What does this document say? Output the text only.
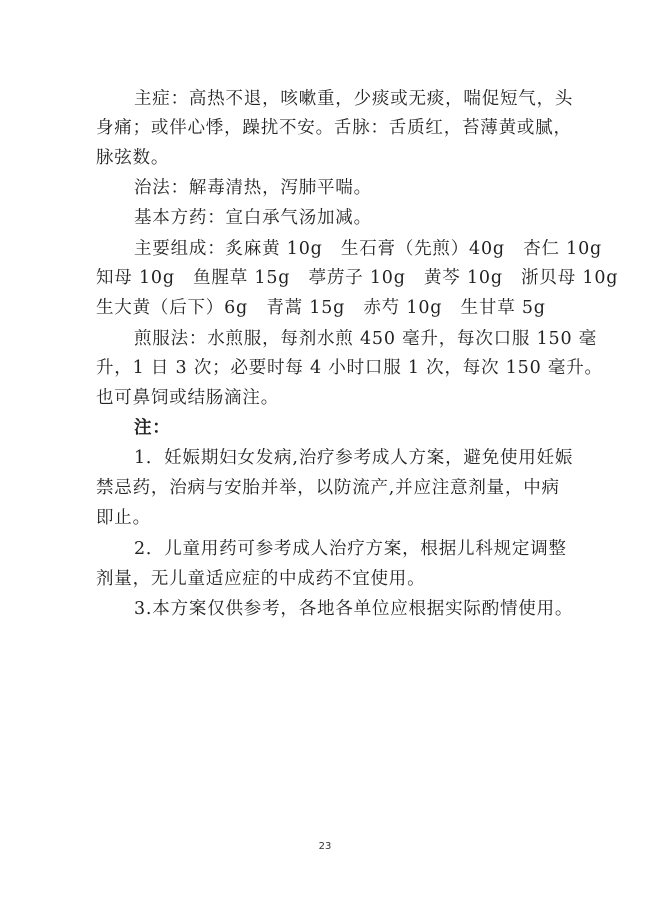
主症：高热不退，咳嗽重，少痰或无痰，喘促短气，头
身痛；或伴心悸，躁扰不安。舌脉：舌质红，苔薄黄或腻，
脉弦数。
治法：解毒清热，泻肺平喘。
基本方药：宣白承气汤加减。
主要组成：炙麻黄 10g　生石膏（先煎）40g　杏仁 10g
知母 10g　鱼腥草 15g　葶苈子 10g　黄芩 10g　浙贝母 10g
生大黄（后下）6g　青蒿 15g　赤芍 10g　生甘草 5g
煎服法：水煎服，每剂水煎 450 毫升，每次口服 150 毫
升，1 日 3 次；必要时每 4 小时口服 1 次，每次 150 毫升。
也可鼻饲或结肠滴注。
注：
1．妊娠期妇女发病,治疗参考成人方案，避免使用妊娠
禁忌药，治病与安胎并举，以防流产,并应注意剂量，中病
即止。
2．儿童用药可参考成人治疗方案，根据儿科规定调整
剂量，无儿童适应症的中成药不宜使用。
3.本方案仅供参考，各地各单位应根据实际酌情使用。
23
